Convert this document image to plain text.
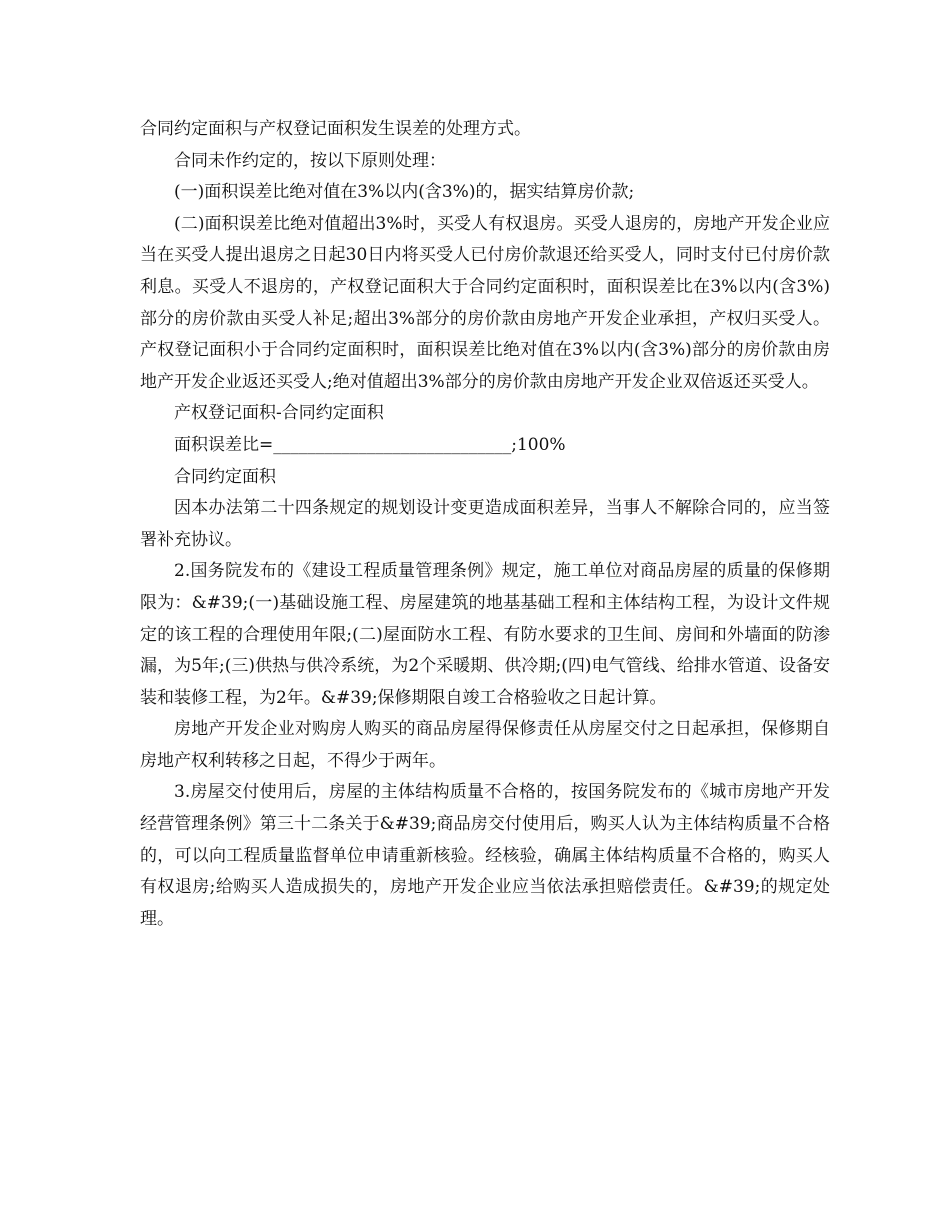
合同约定面积与产权登记面积发生误差的处理方式。

合同未作约定的，按以下原则处理：

(一)面积误差比绝对值在3%以内(含3%)的，据实结算房价款;

(二)面积误差比绝对值超出3%时，买受人有权退房。买受人退房的，房地产开发企业应当在买受人提出退房之日起30日内将买受人已付房价款退还给买受人，同时支付已付房价款利息。买受人不退房的，产权登记面积大于合同约定面积时，面积误差比在3%以内(含3%)部分的房价款由买受人补足;超出3%部分的房价款由房地产开发企业承担，产权归买受人。产权登记面积小于合同约定面积时，面积误差比绝对值在3%以内(含3%)部分的房价款由房地产开发企业返还买受人;绝对值超出3%部分的房价款由房地产开发企业双倍返还买受人。

产权登记面积-合同约定面积

面积误差比=____________________________;100%

合同约定面积

因本办法第二十四条规定的规划设计变更造成面积差异，当事人不解除合同的，应当签署补充协议。

2.国务院发布的《建设工程质量管理条例》规定，施工单位对商品房屋的质量的保修期限为：&#39;(一)基础设施工程、房屋建筑的地基基础工程和主体结构工程，为设计文件规定的该工程的合理使用年限;(二)屋面防水工程、有防水要求的卫生间、房间和外墙面的防渗漏，为5年;(三)供热与供冷系统，为2个采暖期、供冷期;(四)电气管线、给排水管道、设备安装和装修工程，为2年。&#39;保修期限自竣工合格验收之日起计算。

房地产开发企业对购房人购买的商品房屋得保修责任从房屋交付之日起承担，保修期自房地产权利转移之日起，不得少于两年。

3.房屋交付使用后，房屋的主体结构质量不合格的，按国务院发布的《城市房地产开发经营管理条例》第三十二条关于&#39;商品房交付使用后，购买人认为主体结构质量不合格的，可以向工程质量监督单位申请重新核验。经核验，确属主体结构质量不合格的，购买人有权退房;给购买人造成损失的，房地产开发企业应当依法承担赔偿责任。&#39;的规定处理。
